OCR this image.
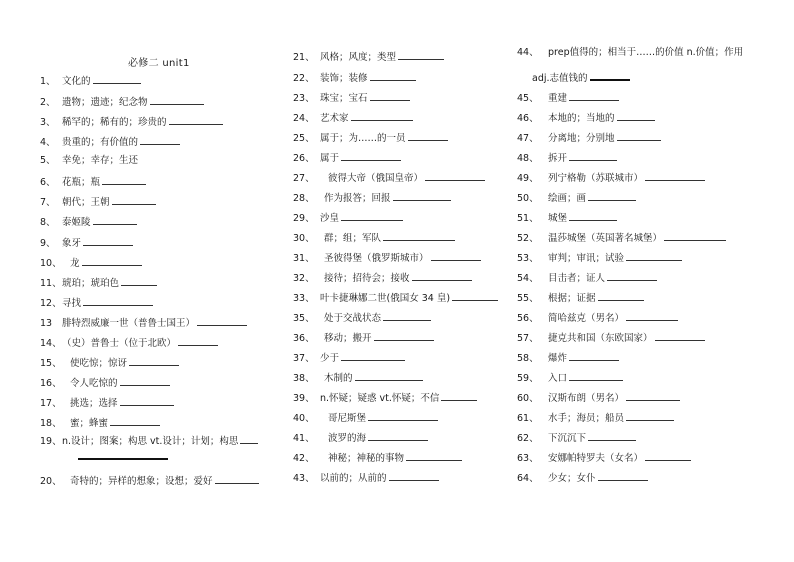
必修二 unit1
1、 文化的
2、 遗物；遗迹；纪念物
3、 稀罕的；稀有的；珍贵的
4、 贵重的；有价值的
5、 幸免；幸存；生还
6、 花瓶；瓶
7、 朝代；王朝
8、 泰姬陵
9、 象牙
10、 龙
11、琥珀；琥珀色
12、寻找
13 腓特烈威廉一世（普鲁士国王）
14、（史）普鲁士（位于北欧）
15、 使吃惊；惊讶
16、 令人吃惊的
17、 挑选；选择
18、 蜜；蜂蜜
19、n.设计；图案；构思 vt.设计；计划；构思
20、 奇特的；异样的想象；设想；爱好
21、 风格；风度；类型
22、 装饰；装修
23、 珠宝；宝石
24、 艺术家
25、 属于；为……的一员
26、 属于
27、 彼得大帝（俄国皇帝）
28、 作为报答；回报
29、 沙皇
30、 群；组；军队
31、 圣彼得堡（俄罗斯城市）
32、 接待；招待会；接收
33、 叶卡捷琳娜二世(俄国女 34 皇)
35、 处于交战状态
36、 移动；搬开
37、 少于
38、 木制的
39、 n.怀疑；疑惑 vt.怀疑；不信
40、 哥尼斯堡
41、 波罗的海
42、 神秘；神秘的事物
43、 以前的；从前的
44、 prep值得的；相当于……的价值 n.价值；作用
adj.志值钱的
45、 重建
46、 本地的；当地的
47、 分离地；分别地
48、 拆开
49、 列宁格勒（苏联城市）
50、 绘画；画
51、 城堡
52、 温莎城堡（英国著名城堡）
53、 审判；审讯；试验
54、 目击者；证人
55、 根据；证据
56、 简哈兹克（男名）
57、 捷克共和国（东欧国家）
58、 爆炸
59、 入口
60、 汉斯布朗（男名）
61、 水手；海员；船员
62、 下沉沉下
63、 安娜帕特罗夫（女名）
64、 少女；女仆
